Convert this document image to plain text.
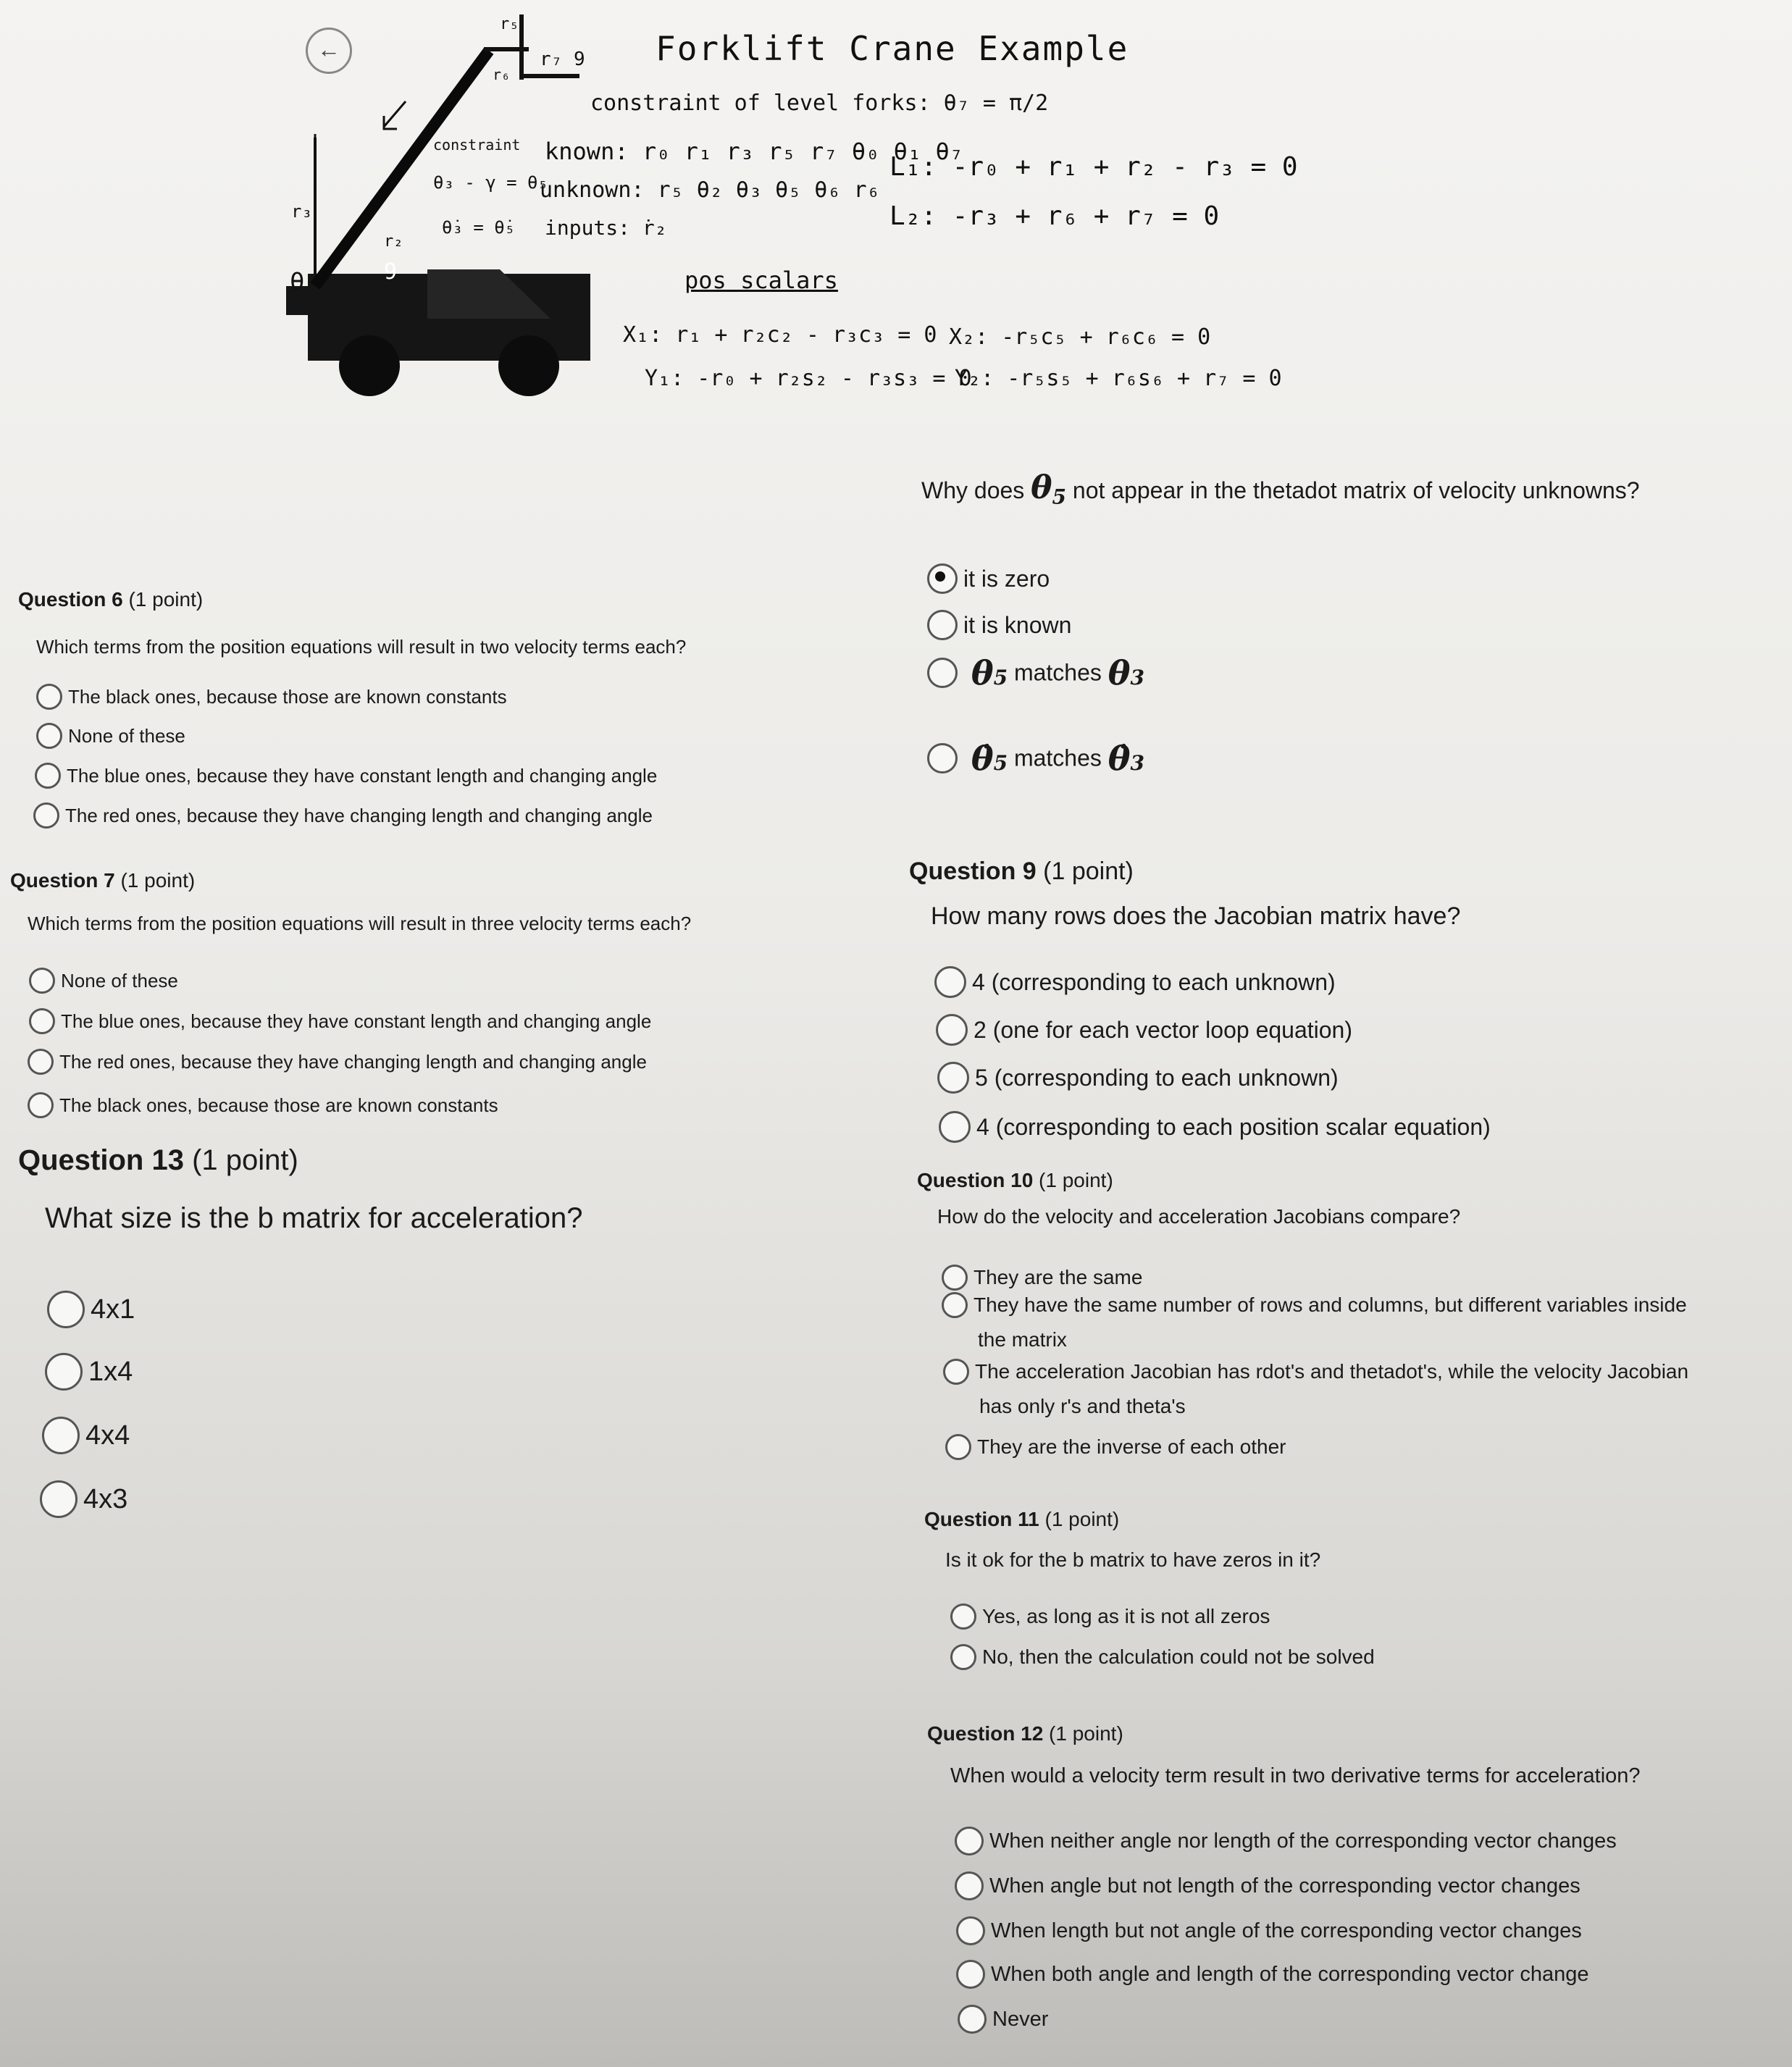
←
θ
r₃
r₂
r₅
r₆
r₇ 9
9
Forklift Crane Example
constraint of level forks: θ₇ = π/2
constraint
θ₃ - γ = θ₅
θ̇₃ = θ̇₅
known: r₀ r₁ r₃ r₅ r₇ θ₀ θ₁ θ₇
unknown: r₅ θ₂ θ₃ θ₅ θ₆ r₆
inputs: ṙ₂
L₁: -r₀ + r₁ + r₂ - r₃ = 0
L₂: -r₃ + r₆ + r₇ = 0
pos scalars
X₁: r₁ + r₂c₂ - r₃c₃ = 0
Y₁: -r₀ + r₂s₂ - r₃s₃ = 0
X₂: -r₅c₅ + r₆c₆ = 0
Y₂: -r₅s₅ + r₆s₆ + r₇ = 0
Why does $\theta_5$ not appear in the thetadot matrix of velocity unknowns?
it is zero
it is known
$\theta_5$ matches $\theta_3$
$\thetȧ_5$ matches $\thetȧ_3$
Question 6 (1 point)
Which terms from the position equations will result in two velocity terms each?
The black ones, because those are known constants
None of these
The blue ones, because they have constant length and changing angle
The red ones, because they have changing length and changing angle
Question 7 (1 point)
Which terms from the position equations will result in three velocity terms each?
None of these
The blue ones, because they have constant length and changing angle
The red ones, because they have changing length and changing angle
The black ones, because those are known constants
Question 13 (1 point)
What size is the b matrix for acceleration?
4x1
1x4
4x4
4x3
Question 9 (1 point)
How many rows does the Jacobian matrix have?
4 (corresponding to each unknown)
2 (one for each vector loop equation)
5 (corresponding to each unknown)
4 (corresponding to each position scalar equation)
Question 10 (1 point)
How do the velocity and acceleration Jacobians compare?
They are the same
They have the same number of rows and columns, but different variables inside
the matrix
The acceleration Jacobian has rdot's and thetadot's, while the velocity Jacobian
has only r's and theta's
They are the inverse of each other
Question 11 (1 point)
Is it ok for the b matrix to have zeros in it?
Yes, as long as it is not all zeros
No, then the calculation could not be solved
Question 12 (1 point)
When would a velocity term result in two derivative terms for acceleration?
When neither angle nor length of the corresponding vector changes
When angle but not length of the corresponding vector changes
When length but not angle of the corresponding vector changes
When both angle and length of the corresponding vector change
Never
